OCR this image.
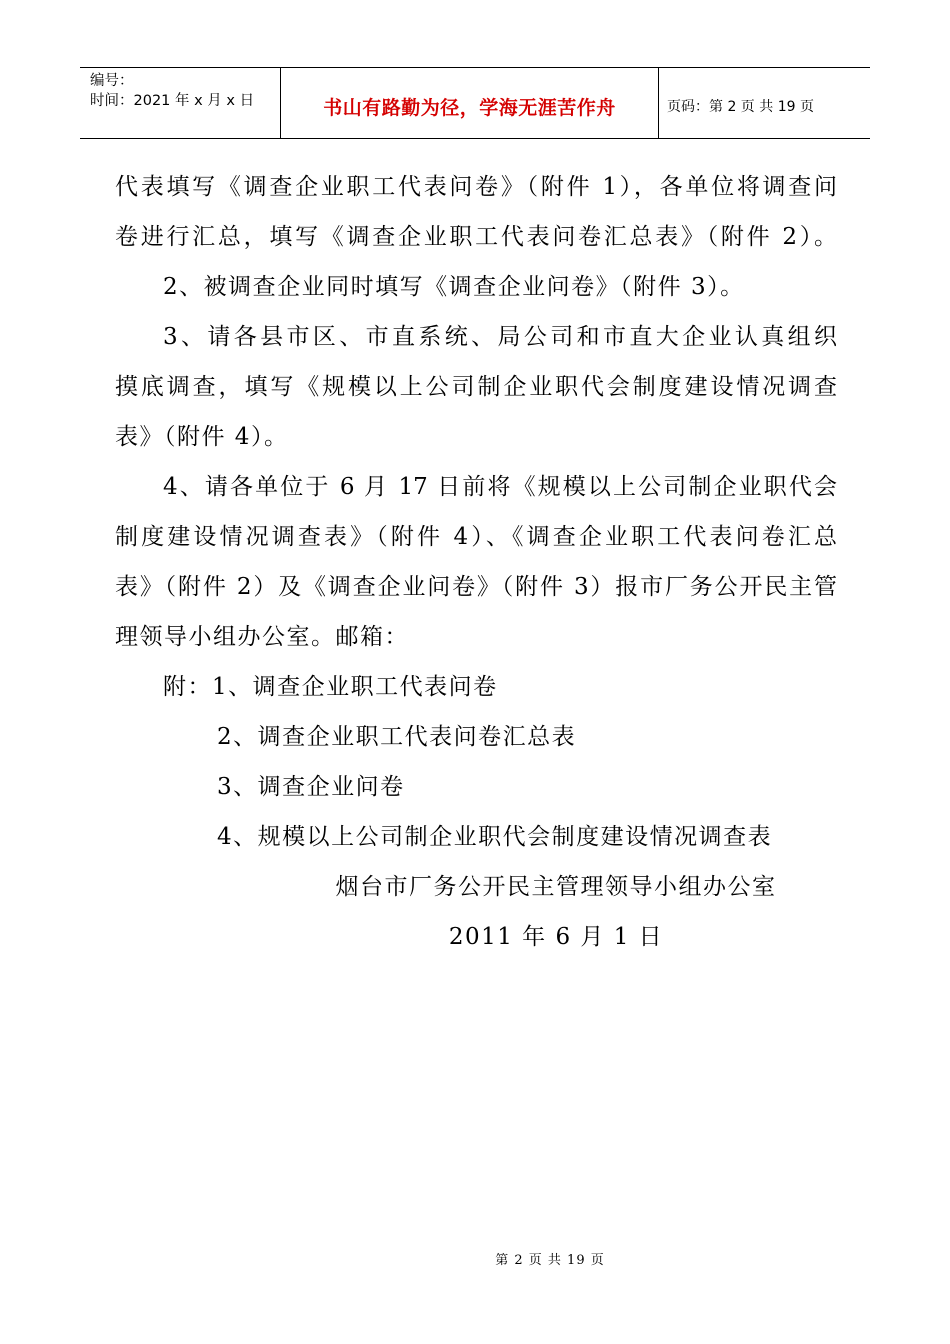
编号：
时间：2021 年 x 月 x 日	书山有路勤为径，学海无涯苦作舟	页码：第 2 页 共 19 页
代表填写《调查企业职工代表问卷》（附件 1），各单位将调查问
卷进行汇总，填写《调查企业职工代表问卷汇总表》（附件 2）。
2、被调查企业同时填写《调查企业问卷》（附件 3）。
3、请各县市区、市直系统、局公司和市直大企业认真组织
摸底调查，填写《规模以上公司制企业职代会制度建设情况调查
表》（附件 4）。
4、请各单位于 6 月 17 日前将《规模以上公司制企业职代会
制度建设情况调查表》（附件 4）、《调查企业职工代表问卷汇总
表》（附件 2）及《调查企业问卷》（附件 3）报市厂务公开民主管
理领导小组办公室。邮箱：
附：1、调查企业职工代表问卷
2、调查企业职工代表问卷汇总表
3、调查企业问卷
4、规模以上公司制企业职代会制度建设情况调查表
烟台市厂务公开民主管理领导小组办公室
2011 年 6 月 1 日
第 2 页 共 19 页
